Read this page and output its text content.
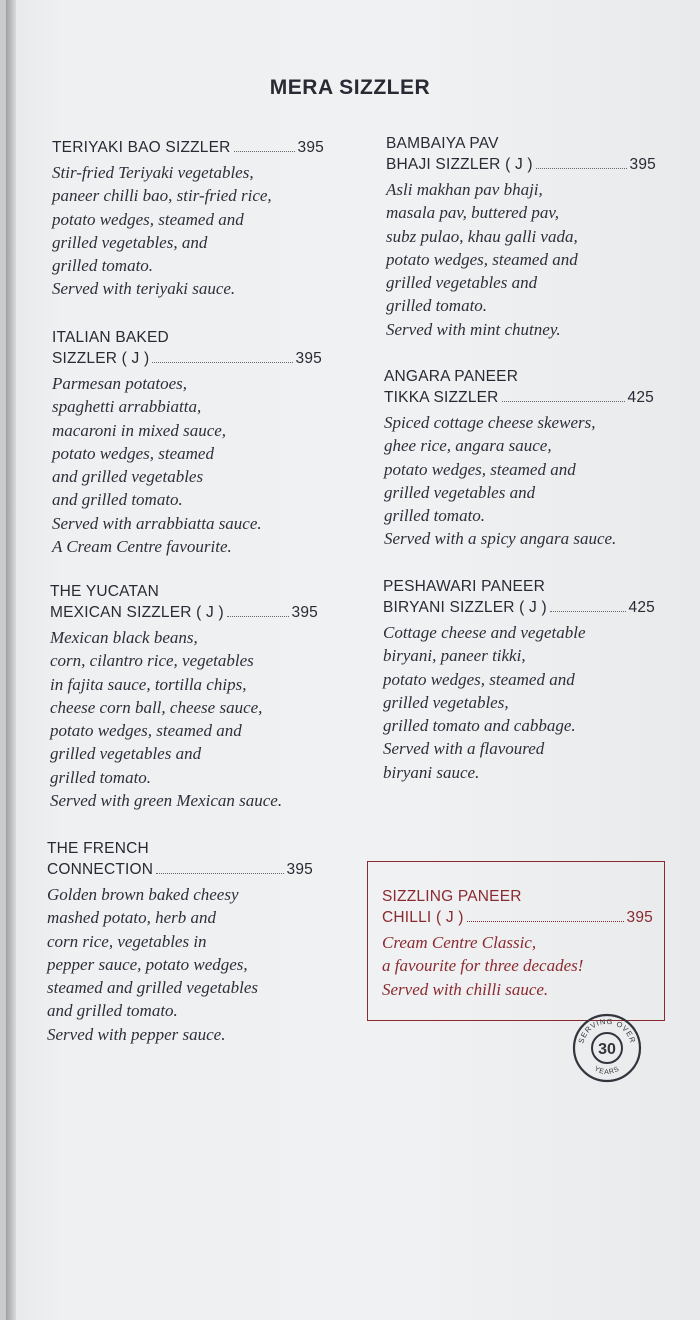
MERA SIZZLER
TERIYAKI BAO SIZZLER	395
Stir-fried Teriyaki vegetables,
paneer chilli bao, stir-fried rice,
potato wedges, steamed and
grilled vegetables, and
grilled tomato.
Served with teriyaki sauce.
ITALIAN BAKED
SIZZLER ( J )	395
Parmesan potatoes,
spaghetti arrabbiatta,
macaroni in mixed sauce,
potato wedges, steamed
and grilled vegetables
and grilled tomato.
Served with arrabbiatta sauce.
A Cream Centre favourite.
THE YUCATAN
MEXICAN SIZZLER ( J )	395
Mexican black beans,
corn, cilantro rice, vegetables
in fajita sauce, tortilla chips,
cheese corn ball, cheese sauce,
potato wedges, steamed and
grilled vegetables and
grilled tomato.
Served with green Mexican sauce.
THE FRENCH
CONNECTION	395
Golden brown baked cheesy
mashed potato, herb and
corn rice, vegetables in
pepper sauce, potato wedges,
steamed and grilled vegetables
and grilled tomato.
Served with pepper sauce.
BAMBAIYA PAV
BHAJI SIZZLER ( J )	395
Asli makhan pav bhaji,
masala pav, buttered pav,
subz pulao, khau galli vada,
potato wedges, steamed and
grilled vegetables and
grilled tomato.
Served with mint chutney.
ANGARA PANEER
TIKKA SIZZLER	425
Spiced cottage cheese skewers,
ghee rice, angara sauce,
potato wedges, steamed and
grilled vegetables and
grilled tomato.
Served with a spicy angara sauce.
PESHAWARI PANEER
BIRYANI SIZZLER ( J )	425
Cottage cheese and vegetable
biryani, paneer tikki,
potato wedges, steamed and
grilled vegetables,
grilled tomato and cabbage.
Served with a flavoured
biryani sauce.
SIZZLING PANEER
CHILLI ( J )	395
Cream Centre Classic,
a favourite for three decades!
Served with chilli sauce.
SERVING OVER
30
YEARS
